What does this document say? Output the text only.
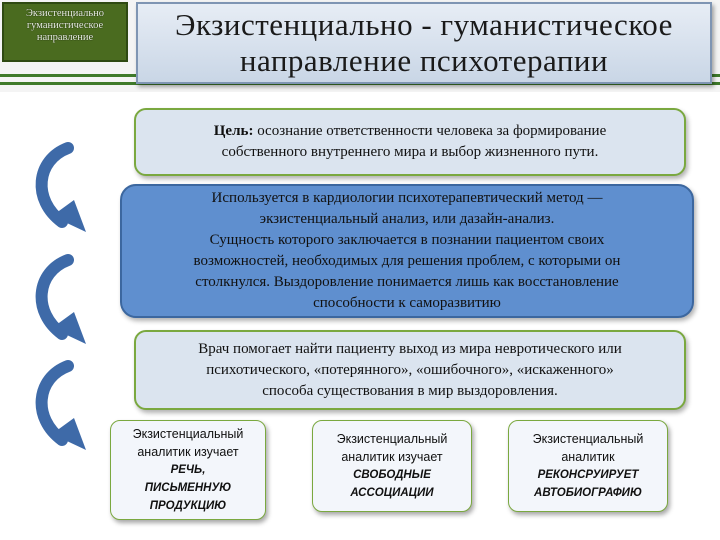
Экзистенциально
гуманистическое
направление	Экзистенциально - гуманистическое
направление психотерапии
Цель: осознание ответственности человека за формирование
собственного внутреннего мира и выбор жизненного пути.
Используется в кардиологии психотерапевтический метод —
экзистенциальный анализ, или дазайн-анализ.
Сущность которого заключается в познании пациентом своих
возможностей, необходимых для решения проблем, с которыми он
столкнулся. Выздоровление понимается лишь как восстановление
способности к саморазвитию
Врач помогает найти пациенту выход из мира невротического или
психотического, «потерянного», «ошибочного», «искаженного»
способа существования в мир выздоровления.
Экзистенциальный
аналитик изучает
РЕЧЬ,
ПИСЬМЕННУЮ
ПРОДУКЦИЮ
Экзистенциальный
аналитик изучает
СВОБОДНЫЕ
АССОЦИАЦИИ
Экзистенциальный
аналитик
РЕКОНСРУИРУЕТ
АВТОБИОГРАФИЮ
